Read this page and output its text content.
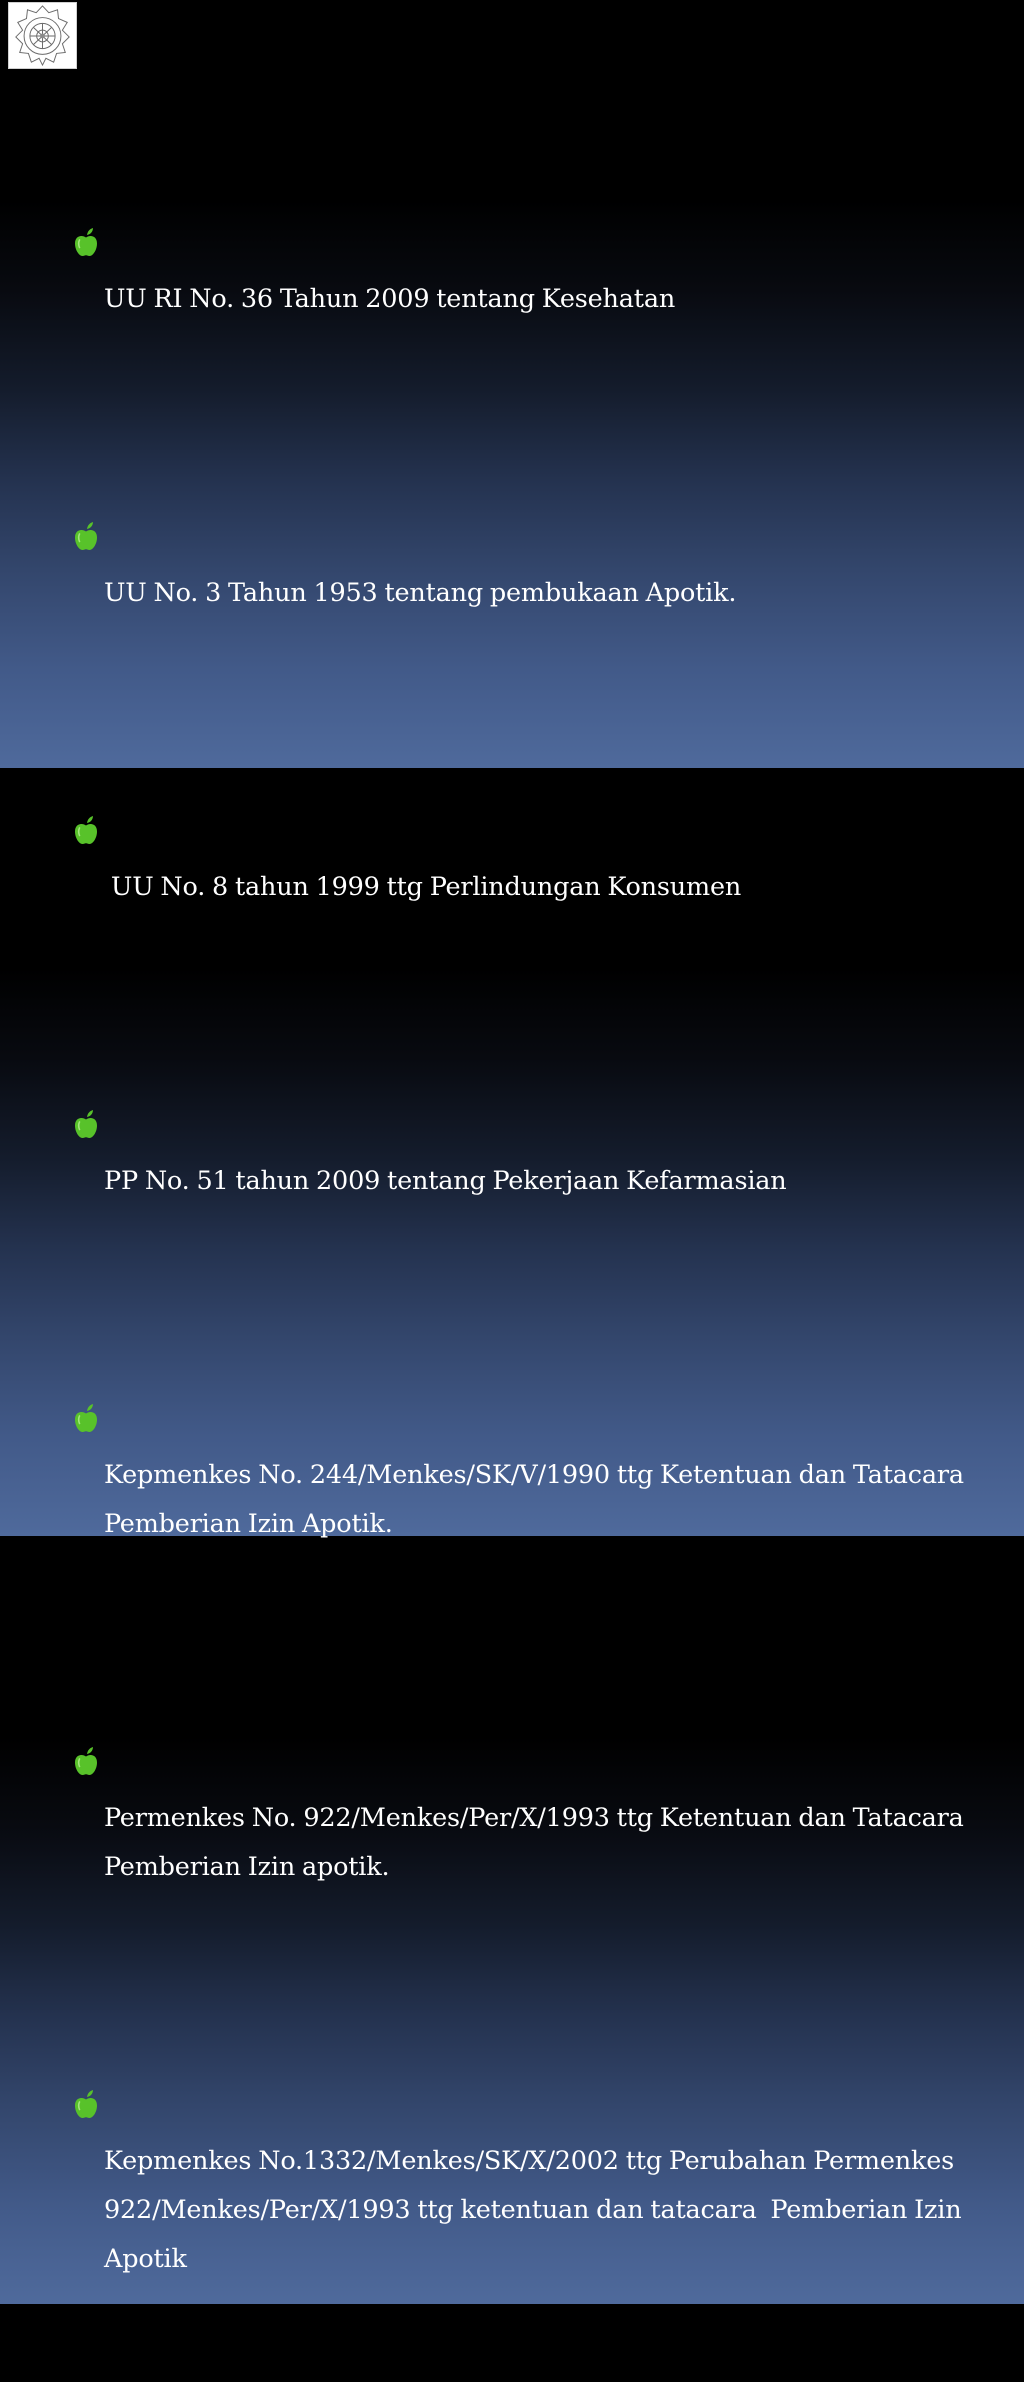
UU RI No. 36 Tahun 2009 tentang Kesehatan

UU No. 3 Tahun 1953 tentang pembukaan Apotik.

UU No. 8 tahun 1999 ttg Perlindungan Konsumen

PP No. 51 tahun 2009 tentang Pekerjaan Kefarmasian

Kepmenkes No. 244/Menkes/SK/V/1990 ttg Ketentuan dan Tatacara Pemberian Izin Apotik.

Permenkes No. 922/Menkes/Per/X/1993 ttg Ketentuan dan Tatacara Pemberian Izin apotik.

Kepmenkes No.1332/Menkes/SK/X/2002 ttg Perubahan Permenkes 922/Menkes/Per/X/1993 ttg ketentuan dan tatacara  Pemberian Izin Apotik
